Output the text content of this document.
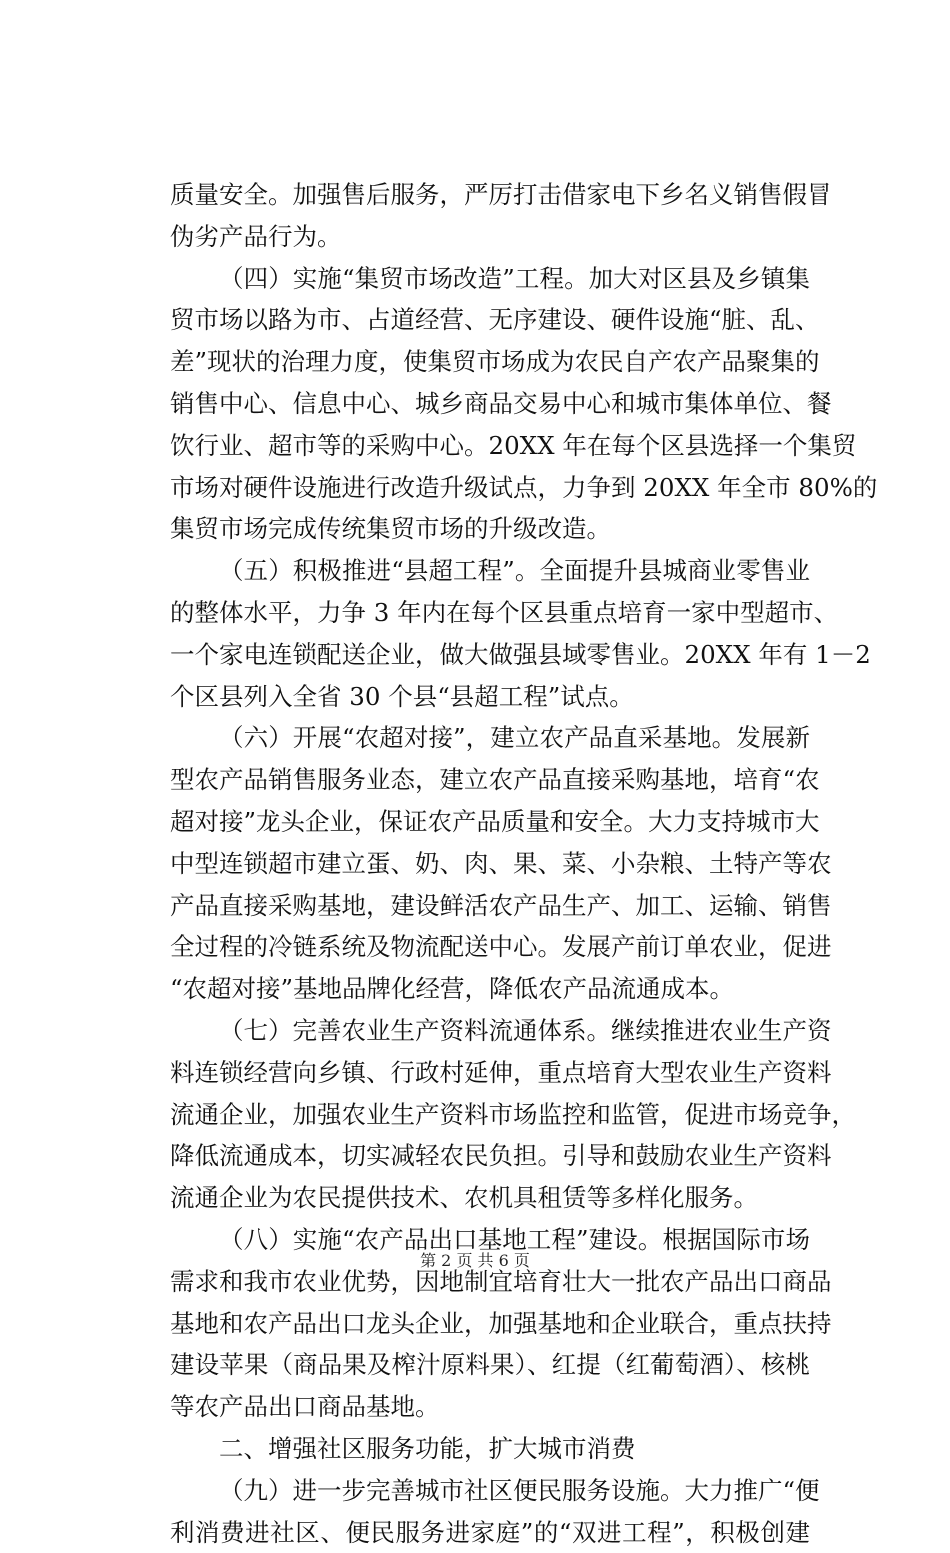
质量安全。加强售后服务，严厉打击借家电下乡名义销售假冒
伪劣产品行为。
（四）实施“集贸市场改造”工程。加大对区县及乡镇集
贸市场以路为市、占道经营、无序建设、硬件设施“脏、乱、
差”现状的治理力度，使集贸市场成为农民自产农产品聚集的
销售中心、信息中心、城乡商品交易中心和城市集体单位、餐
饮行业、超市等的采购中心。20XX 年在每个区县选择一个集贸
市场对硬件设施进行改造升级试点，力争到 20XX 年全市 80%的
集贸市场完成传统集贸市场的升级改造。
（五）积极推进“县超工程”。全面提升县城商业零售业
的整体水平，力争 3 年内在每个区县重点培育一家中型超市、
一个家电连锁配送企业，做大做强县域零售业。20XX 年有 1－2
个区县列入全省 30 个县“县超工程”试点。
（六）开展“农超对接”，建立农产品直采基地。发展新
型农产品销售服务业态，建立农产品直接采购基地，培育“农
超对接”龙头企业，保证农产品质量和安全。大力支持城市大
中型连锁超市建立蛋、奶、肉、果、菜、小杂粮、土特产等农
产品直接采购基地，建设鲜活农产品生产、加工、运输、销售
全过程的冷链系统及物流配送中心。发展产前订单农业，促进
“农超对接”基地品牌化经营，降低农产品流通成本。
（七）完善农业生产资料流通体系。继续推进农业生产资
料连锁经营向乡镇、行政村延伸，重点培育大型农业生产资料
流通企业，加强农业生产资料市场监控和监管，促进市场竞争，
降低流通成本，切实减轻农民负担。引导和鼓励农业生产资料
流通企业为农民提供技术、农机具租赁等多样化服务。
（八）实施“农产品出口基地工程”建设。根据国际市场
需求和我市农业优势，因地制宜培育壮大一批农产品出口商品
基地和农产品出口龙头企业，加强基地和企业联合，重点扶持
建设苹果（商品果及榨汁原料果）、红提（红葡萄酒）、核桃
等农产品出口商品基地。
二、增强社区服务功能，扩大城市消费
（九）进一步完善城市社区便民服务设施。大力推广“便
利消费进社区、便民服务进家庭”的“双进工程”，积极创建
第 2 页 共 6 页
